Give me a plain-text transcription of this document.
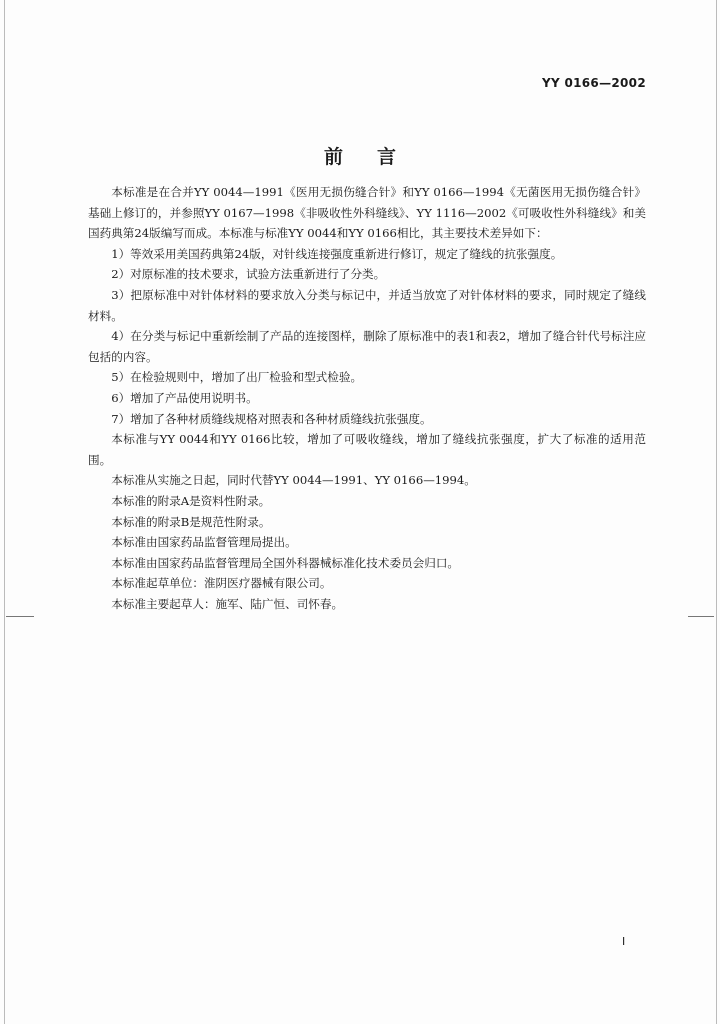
YY 0166—2002
前言

本标准是在合并YY 0044—1991《医用无损伤缝合针》和YY 0166—1994《无菌医用无损伤缝合针》基础上修订的，并参照YY 0167—1998《非吸收性外科缝线》、YY 1116—2002《可吸收性外科缝线》和美国药典第24版编写而成。本标准与标准YY 0044和YY 0166相比，其主要技术差异如下：

1）等效采用美国药典第24版，对针线连接强度重新进行修订，规定了缝线的抗张强度。

2）对原标准的技术要求，试验方法重新进行了分类。

3）把原标准中对针体材料的要求放入分类与标记中，并适当放宽了对针体材料的要求，同时规定了缝线材料。

4）在分类与标记中重新绘制了产品的连接图样，删除了原标准中的表1和表2，增加了缝合针代号标注应包括的内容。

5）在检验规则中，增加了出厂检验和型式检验。

6）增加了产品使用说明书。

7）增加了各种材质缝线规格对照表和各种材质缝线抗张强度。

本标准与YY 0044和YY 0166比较，增加了可吸收缝线，增加了缝线抗张强度，扩大了标准的适用范围。

本标准从实施之日起，同时代替YY 0044—1991、YY 0166—1994。

本标准的附录A是资料性附录。

本标准的附录B是规范性附录。

本标准由国家药品监督管理局提出。

本标准由国家药品监督管理局全国外科器械标准化技术委员会归口。

本标准起草单位：淮阴医疗器械有限公司。

本标准主要起草人：施军、陆广恒、司怀春。

I
